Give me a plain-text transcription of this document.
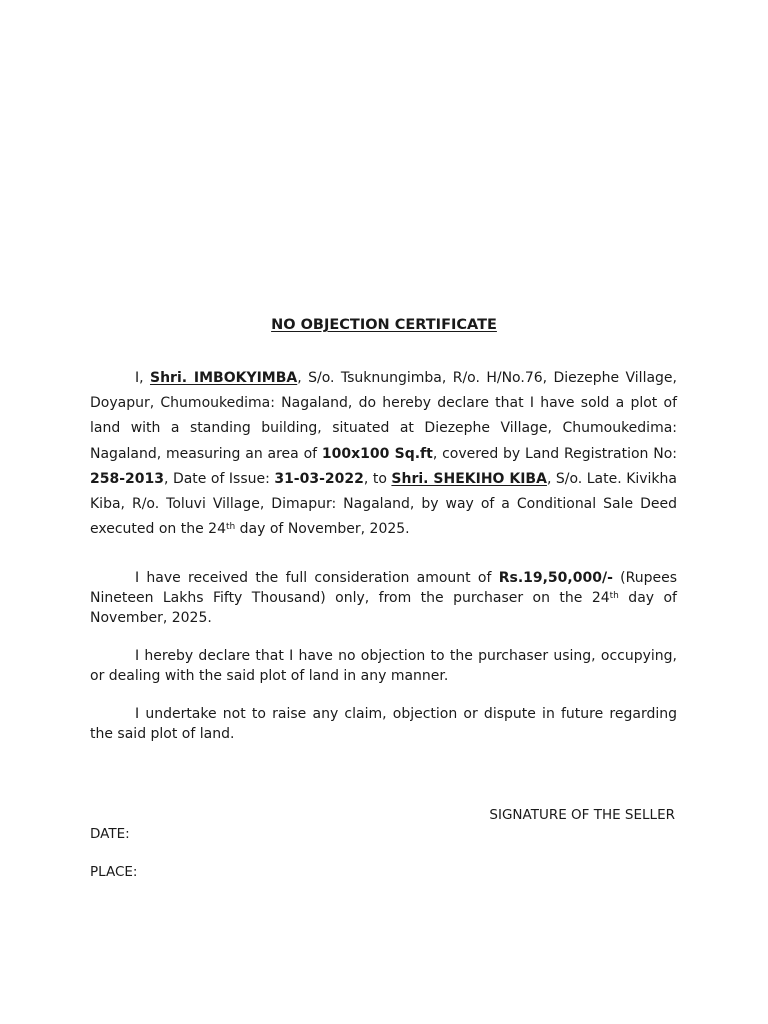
NO OBJECTION CERTIFICATE
I, Shri. IMBOKYIMBA, S/o. Tsuknungimba, R/o. H/No.76, Diezephe Village, Doyapur, Chumoukedima: Nagaland, do hereby declare that I have sold a plot of land with a standing building, situated at Diezephe Village, Chumoukedima: Nagaland, measuring an area of 100x100 Sq.ft, covered by Land Registration No: 258-2013, Date of Issue: 31-03-2022, to Shri. SHEKIHO KIBA, S/o. Late. Kivikha Kiba, R/o. Toluvi Village, Dimapur: Nagaland, by way of a Conditional Sale Deed executed on the 24th day of November, 2025.
I have received the full consideration amount of Rs.19,50,000/- (Rupees Nineteen Lakhs Fifty Thousand) only, from the purchaser on the 24th day of November, 2025.
I hereby declare that I have no objection to the purchaser using, occupying, or dealing with the said plot of land in any manner.
I undertake not to raise any claim, objection or dispute in future regarding the said plot of land.
SIGNATURE OF THE SELLER
DATE:
PLACE:
